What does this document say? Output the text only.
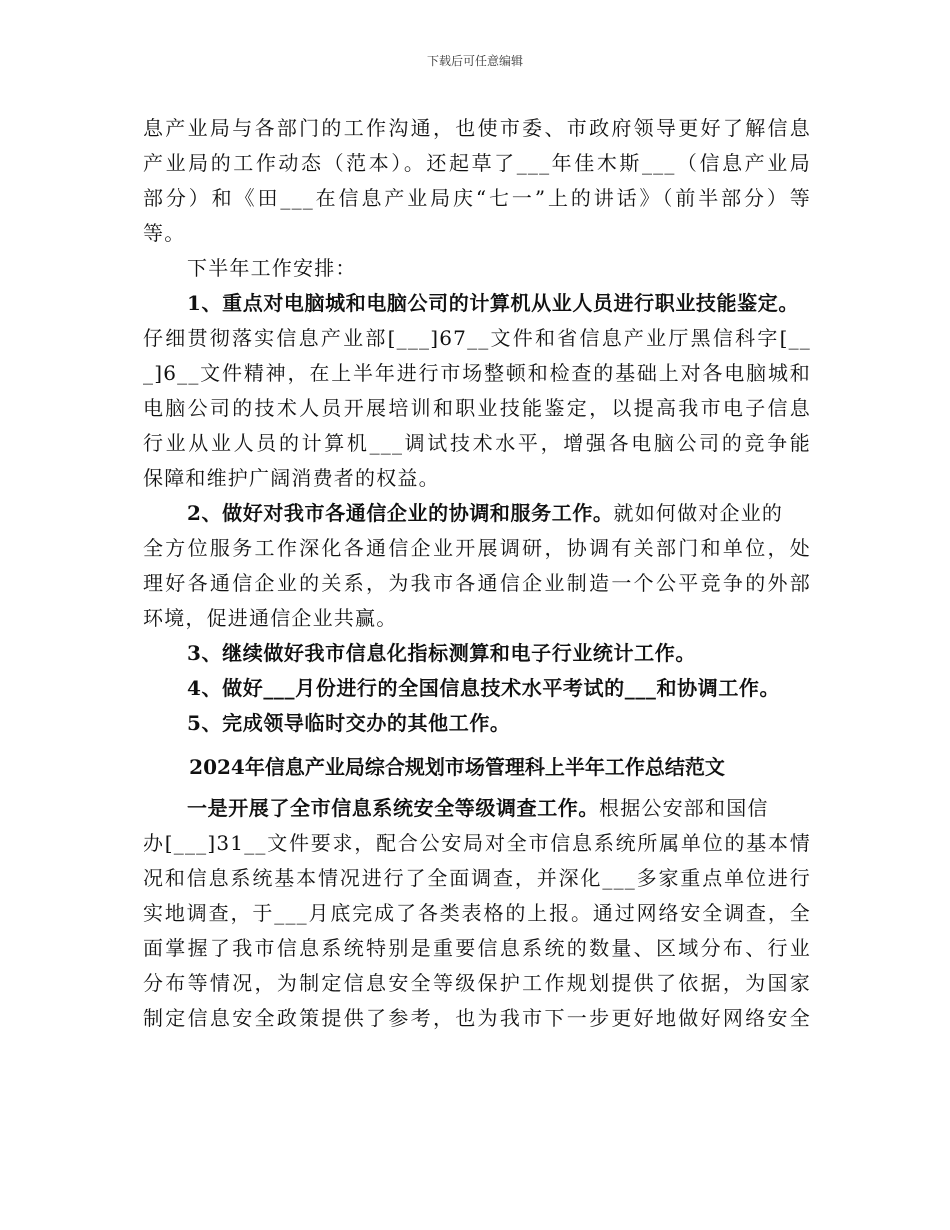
下载后可任意编辑
息产业局与各部门的工作沟通，也使市委、市政府领导更好了解信息
产业局的工作动态（范本）。还起草了___年佳木斯___（信息产业局
部分）和《田___在信息产业局庆“七一”上的讲话》（前半部分）等
等。
下半年工作安排：
1、重点对电脑城和电脑公司的计算机从业人员进行职业技能鉴定。
仔细贯彻落实信息产业部[___]67__文件和省信息产业厅黑信科字[__
_]6__文件精神，在上半年进行市场整顿和检查的基础上对各电脑城和
电脑公司的技术人员开展培训和职业技能鉴定，以提高我市电子信息
行业从业人员的计算机___调试技术水平，增强各电脑公司的竞争能
保障和维护广阔消费者的权益。
2、做好对我市各通信企业的协调和服务工作。就如何做对企业的
全方位服务工作深化各通信企业开展调研，协调有关部门和单位，处
理好各通信企业的关系，为我市各通信企业制造一个公平竞争的外部
环境，促进通信企业共赢。
3、继续做好我市信息化指标测算和电子行业统计工作。
4、做好___月份进行的全国信息技术水平考试的___和协调工作。
5、完成领导临时交办的其他工作。
2024年信息产业局综合规划市场管理科上半年工作总结范文
一是开展了全市信息系统安全等级调查工作。根据公安部和国信
办[___]31__文件要求，配合公安局对全市信息系统所属单位的基本情
况和信息系统基本情况进行了全面调查，并深化___多家重点单位进行
实地调查，于___月底完成了各类表格的上报。通过网络安全调查，全
面掌握了我市信息系统特别是重要信息系统的数量、区域分布、行业
分布等情况，为制定信息安全等级保护工作规划提供了依据，为国家
制定信息安全政策提供了参考，也为我市下一步更好地做好网络安全
